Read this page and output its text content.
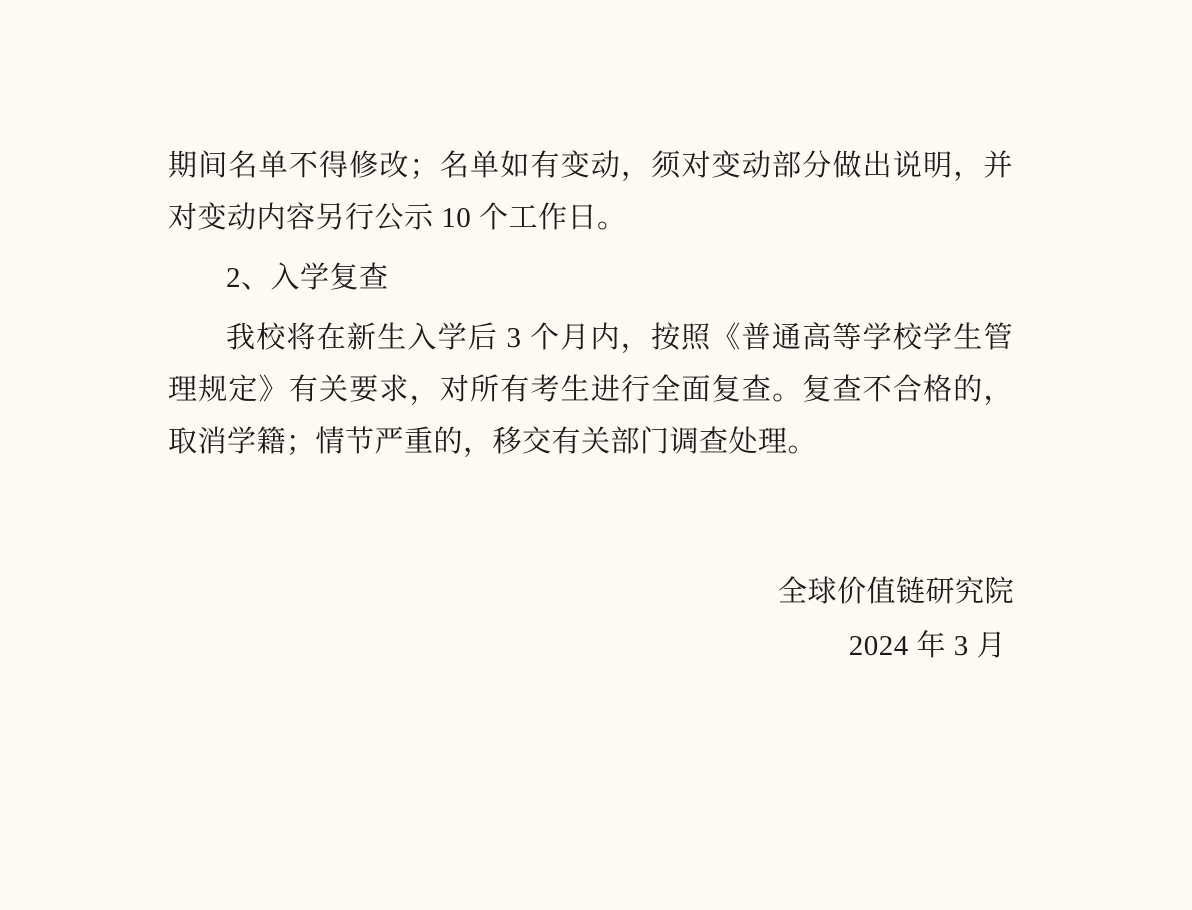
期间名单不得修改；名单如有变动，须对变动部分做出说明，并对变动内容另行公示 10 个工作日。

2、入学复查

我校将在新生入学后 3 个月内，按照《普通高等学校学生管理规定》有关要求，对所有考生进行全面复查。复查不合格的，取消学籍；情节严重的，移交有关部门调查处理。

全球价值链研究院
2024 年 3 月
